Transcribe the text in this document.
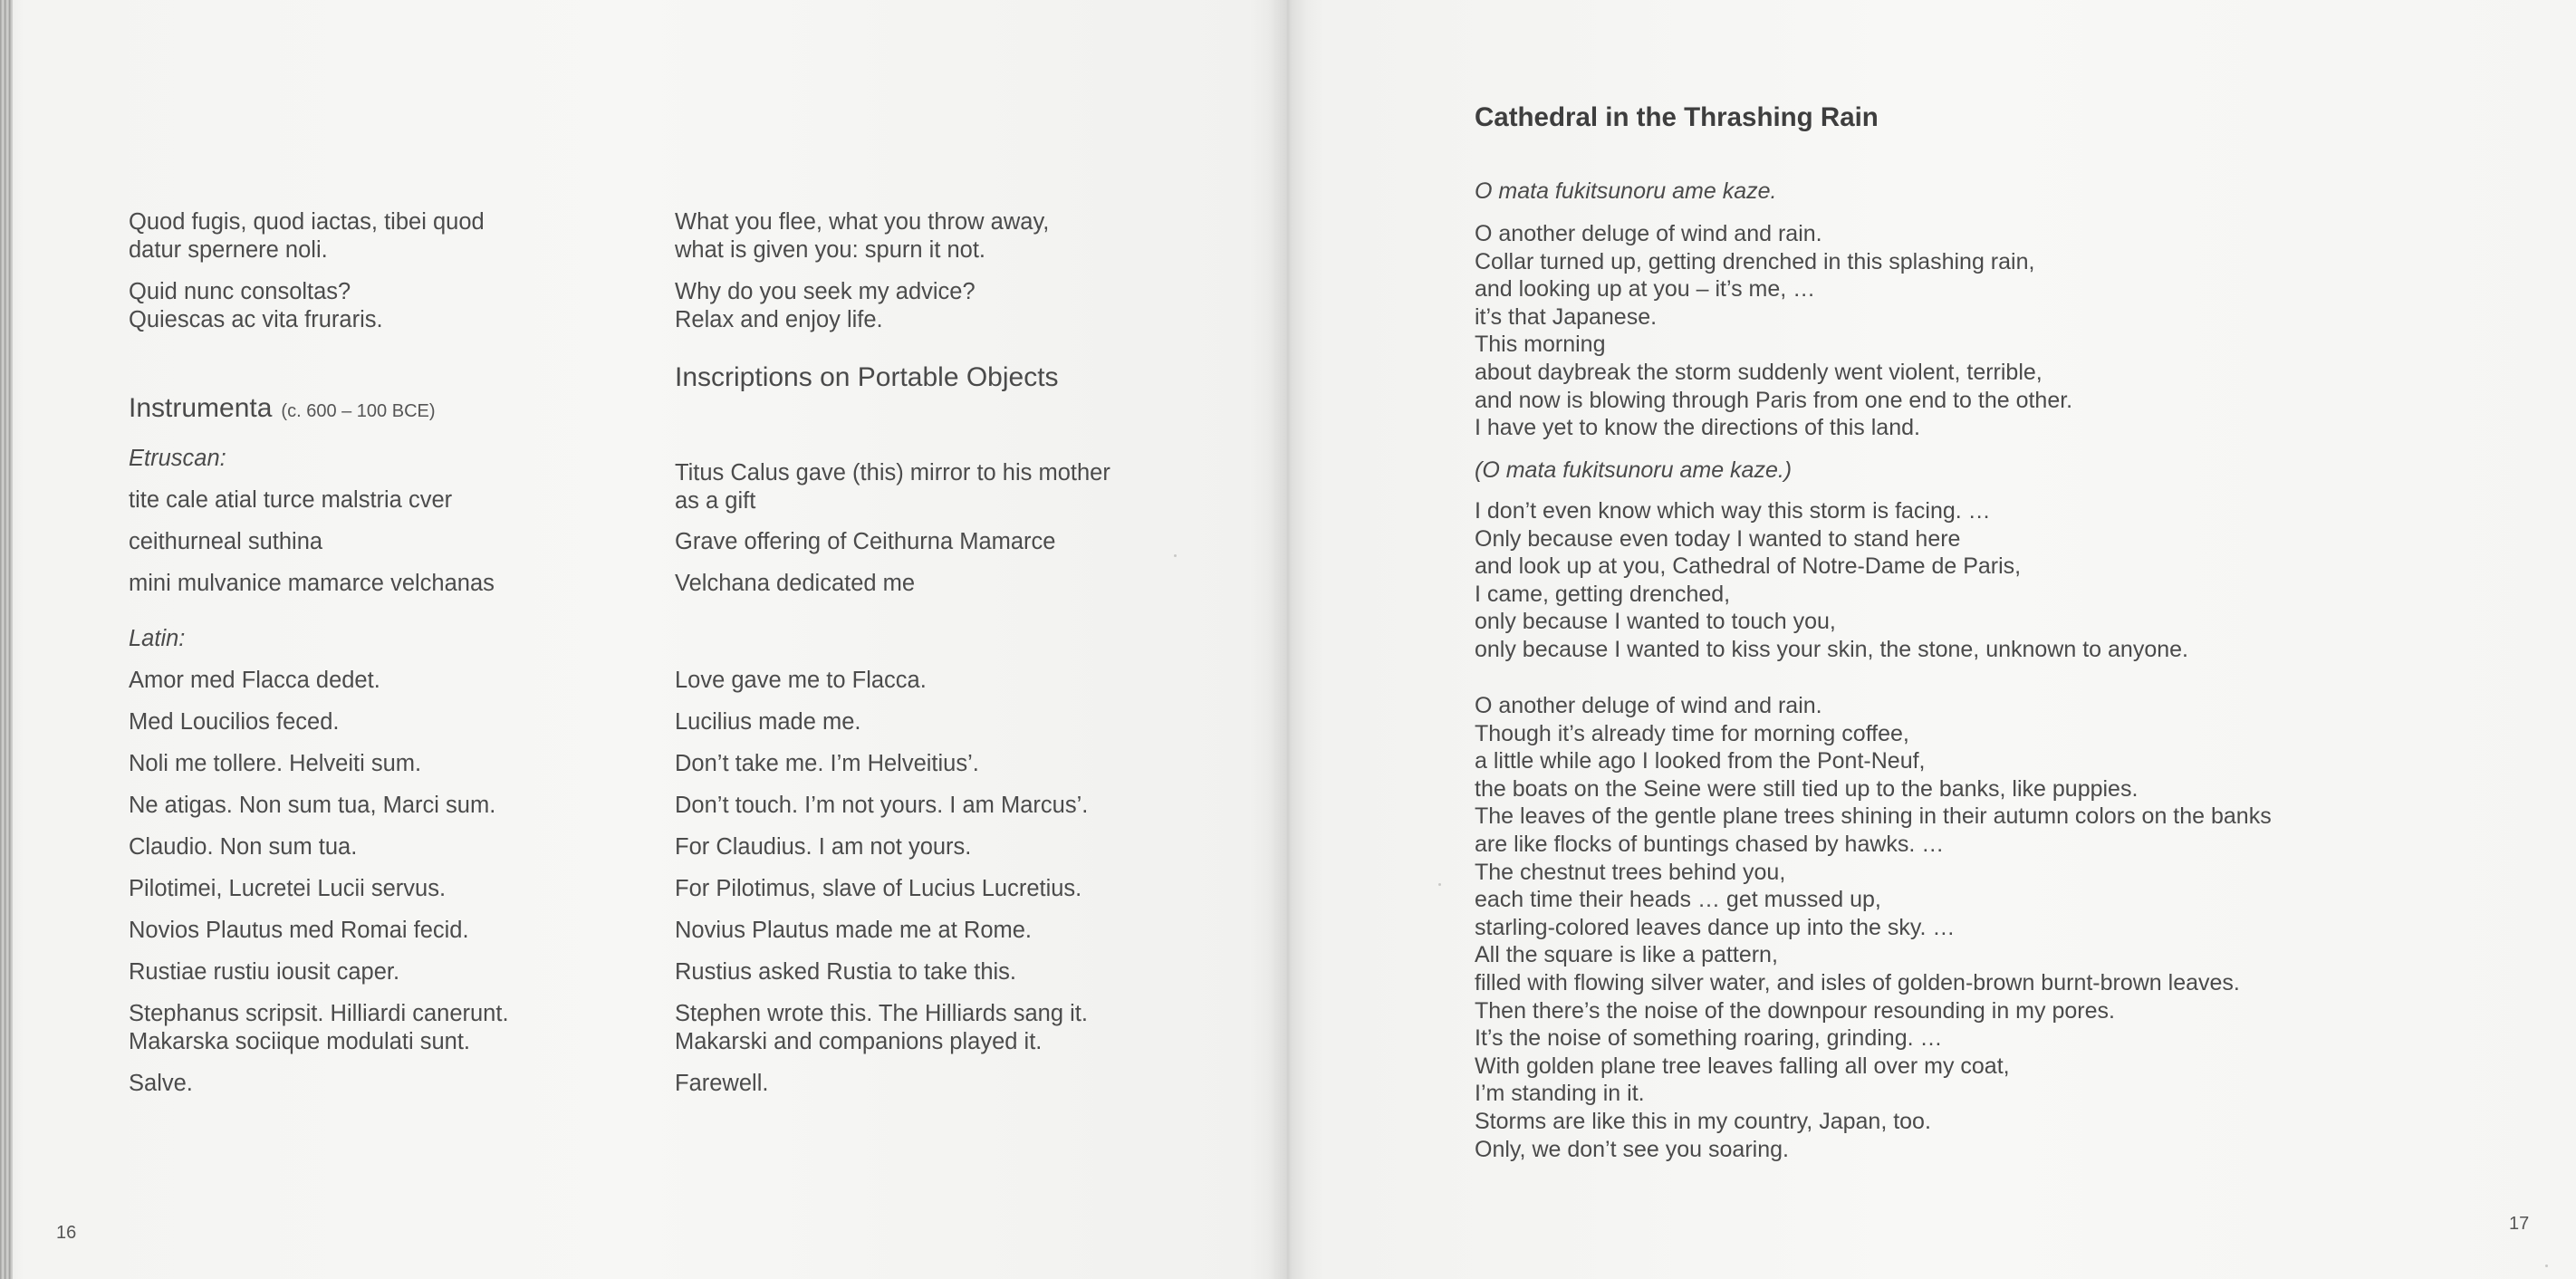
Quod fugis, quod iactas, tibei quod
datur spernere noli.

Quid nunc consoltas?
Quiescas ac vita fruraris.

Instrumenta (c. 600 – 100 BCE)

Etruscan:

tite cale atial turce malstria cver

ceithurneal suthina

mini mulvanice mamarce velchanas

Latin:

Amor med Flacca dedet.

Med Loucilios feced.

Noli me tollere. Helveiti sum.

Ne atigas. Non sum tua, Marci sum.

Claudio. Non sum tua.

Pilotimei, Lucretei Lucii servus.

Novios Plautus med Romai fecid.

Rustiae rustiu iousit caper.

Stephanus scripsit. Hilliardi canerunt.
Makarska sociique modulati sunt.

Salve.

What you flee, what you throw away,
what is given you: spurn it not.

Why do you seek my advice?
Relax and enjoy life.

Inscriptions on Portable Objects

Titus Calus gave (this) mirror to his mother
as a gift

Grave offering of Ceithurna Mamarce

Velchana dedicated me

Love gave me to Flacca.

Lucilius made me.

Don’t take me. I’m Helveitius’.

Don’t touch. I’m not yours. I am Marcus’.

For Claudius. I am not yours.

For Pilotimus, slave of Lucius Lucretius.

Novius Plautus made me at Rome.

Rustius asked Rustia to take this.

Stephen wrote this. The Hilliards sang it.
Makarski and companions played it.

Farewell.

16
Cathedral in the Thrashing Rain
O mata fukitsunoru ame kaze.
O another deluge of wind and rain.
Collar turned up, getting drenched in this splashing rain,
and looking up at you – it’s me, …
it’s that Japanese.
This morning
about daybreak the storm suddenly went violent, terrible,
and now is blowing through Paris from one end to the other.
I have yet to know the directions of this land.
(O mata fukitsunoru ame kaze.)
I don’t even know which way this storm is facing. …
Only because even today I wanted to stand here
and look up at you, Cathedral of Notre-Dame de Paris,
I came, getting drenched,
only because I wanted to touch you,
only because I wanted to kiss your skin, the stone, unknown to anyone.
O another deluge of wind and rain.
Though it’s already time for morning coffee,
a little while ago I looked from the Pont-Neuf,
the boats on the Seine were still tied up to the banks, like puppies.
The leaves of the gentle plane trees shining in their autumn colors on the banks
are like flocks of buntings chased by hawks. …
The chestnut trees behind you,
each time their heads … get mussed up,
starling-colored leaves dance up into the sky. …
All the square is like a pattern,
filled with flowing silver water, and isles of golden-brown burnt-brown leaves.
Then there’s the noise of the downpour resounding in my pores.
It’s the noise of something roaring, grinding. …
With golden plane tree leaves falling all over my coat,
I’m standing in it.
Storms are like this in my country, Japan, too.
Only, we don’t see you soaring.
17
